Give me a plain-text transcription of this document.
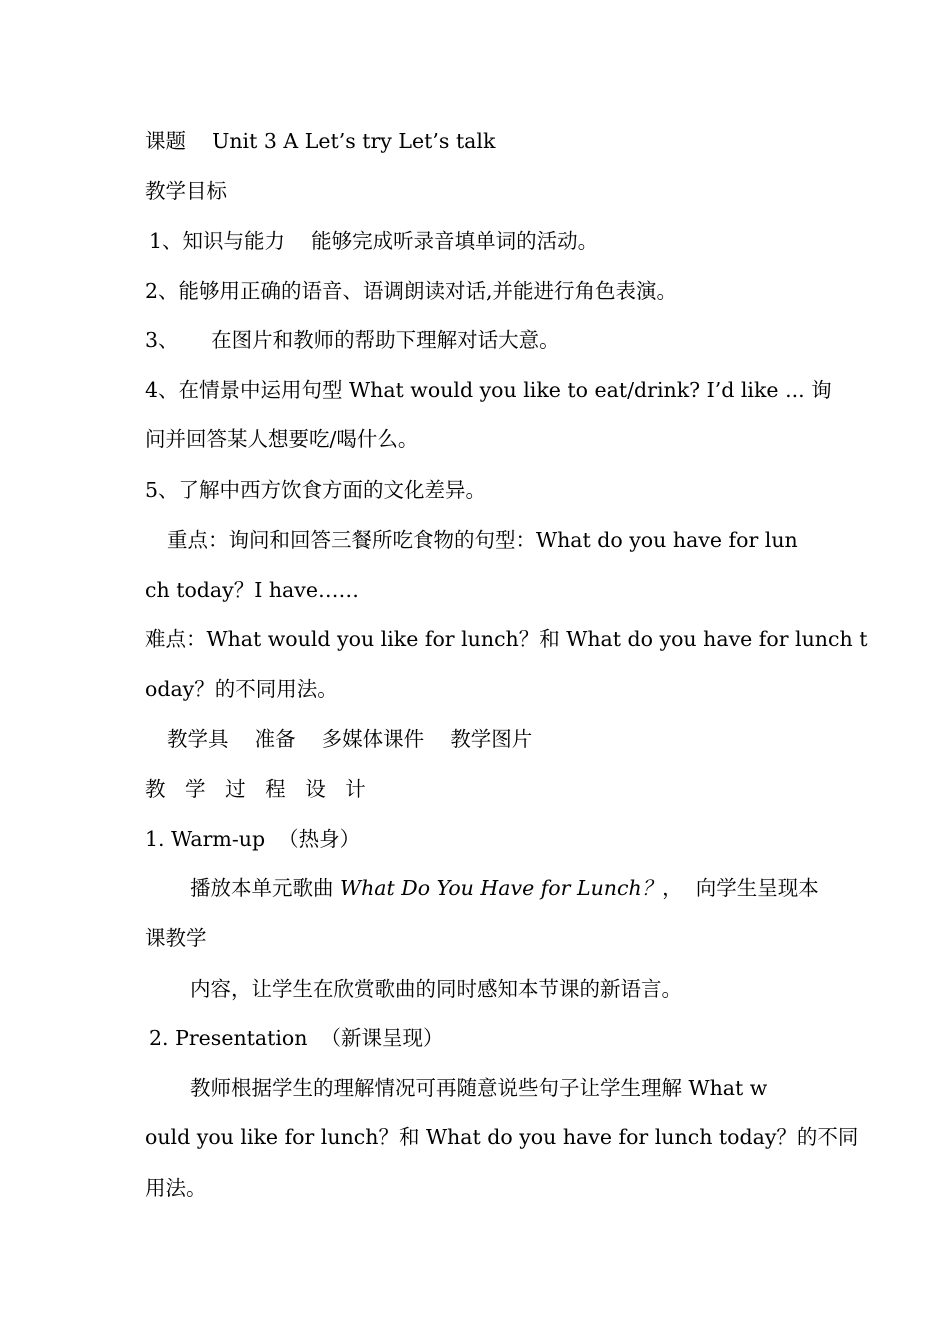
课题    Unit 3 A Let’s try Let’s talk
教学目标
1、知识与能力    能够完成听录音填单词的活动。
2、能够用正确的语音、语调朗读对话,并能进行角色表演。
3、     在图片和教师的帮助下理解对话大意。
4、在情景中运用句型 What would you like to eat/drink? I’d like ... 询
问并回答某人想要吃/喝什么。
5、了解中西方饮食方面的文化差异。
重点：询问和回答三餐所吃食物的句型：What do you have for lun
ch today？I have……
难点：What would you like for lunch？和 What do you have for lunch t
oday？的不同用法。
教学具    准备    多媒体课件    教学图片
教   学   过   程   设   计
1. Warm-up  （热身）
播放本单元歌曲 What Do You Have for Lunch？，  向学生呈现本
课教学
内容，让学生在欣赏歌曲的同时感知本节课的新语言。
2. Presentation  （新课呈现）
教师根据学生的理解情况可再随意说些句子让学生理解 What w
ould you like for lunch？和 What do you have for lunch today？的不同
用法。
